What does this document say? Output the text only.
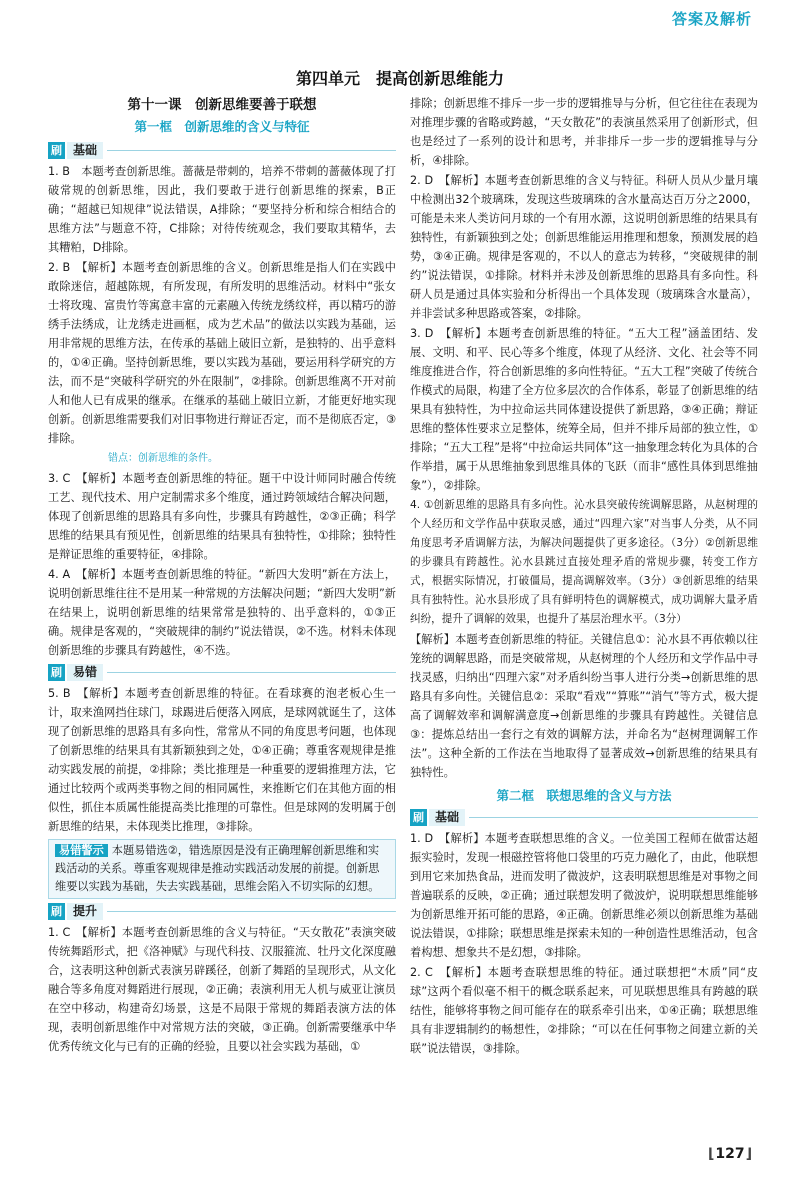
答案及解析
第四单元　提高创新思维能力
第十一课　创新思维要善于联想
第一框　创新思维的含义与特征
刷 基础
1. B　本题考查创新思维。蔷薇是带刺的，培养不带刺的蔷薇体现了打破常规的创新思维，因此，我们要敢于进行创新思维的探索，B正确；“超越已知规律”说法错误，A排除；“要坚持分析和综合相结合的思维方法”与题意不符，C排除；对待传统观念，我们要取其精华，去其糟粕，D排除。
2. B　【解析】本题考查创新思维的含义。创新思维是指人们在实践中敢除迷信，超越陈规，有所发现，有所发明的思维活动。材料中“张女士将玫瑰、富贵竹等寓意丰富的元素融入传统龙绣纹样，再以精巧的游绣手法绣成，让龙绣走进画框，成为艺术品”的做法以实践为基础，运用非常规的思维方法，在传承的基础上破旧立新，是独特的、出乎意料的，①④正确。坚持创新思维，要以实践为基础，要运用科学研究的方法，而不是“突破科学研究的外在限制”，②排除。创新思维离不开对前人和他人已有成果的继承。在继承的基础上破旧立新，才能更好地实现创新。创新思维需要我们对旧事物进行辩证否定，而不是彻底否定，③排除。
错点：创新思维的条件。
3. C　【解析】本题考查创新思维的特征。题干中设计师同时融合传统工艺、现代技术、用户定制需求多个维度，通过跨领域结合解决问题，体现了创新思维的思路具有多向性，步骤具有跨越性，②③正确；科学思维的结果具有预见性，创新思维的结果具有独特性，①排除；独特性是辩证思维的重要特征，④排除。
4. A　【解析】本题考查创新思维的特征。“新四大发明”新在方法上，说明创新思维往往不是用某一种常规的方法解决问题；“新四大发明”新在结果上，说明创新思维的结果常常是独特的、出乎意料的，①③正确。规律是客观的，“突破规律的制约”说法错误，②不选。材料未体现创新思维的步骤具有跨越性，④不选。
刷 易错
5. B　【解析】本题考查创新思维的特征。在看球赛的泡老板心生一计，取来渔网挡住球门，球踢进后便落入网底，是球网就诞生了，这体现了创新思维的思路具有多向性，常常从不同的角度思考问题，也体现了创新思维的结果具有其新颖独到之处，①④正确；尊重客观规律是推动实践发展的前提，②排除；类比推理是一种重要的逻辑推理方法，它通过比较两个或两类事物之间的相同属性，来推断它们在其他方面的相似性，抓住本质属性能提高类比推理的可靠性。但是球网的发明属于创新思维的结果，未体现类比推理，③排除。
易错警示 本题易错选②，错选原因是没有正确理解创新思维和实践活动的关系。尊重客观规律是推动实践活动发展的前提。创新思维要以实践为基础，失去实践基础，思维会陷入不切实际的幻想。
刷 提升
1. C　【解析】本题考查创新思维的含义与特征。“天女散花”表演突破传统舞蹈形式，把《洛神赋》与现代科技、汉服箍流、牡丹文化深度融合，这表明这种创新式表演另辟蹊径，创新了舞蹈的呈现形式，从文化融合等多角度对舞蹈进行展现，②正确；表演利用无人机与威亚让演员在空中移动，构建奇幻场景，这是不局限于常规的舞蹈表演方法的体现，表明创新思维作中对常规方法的突破，③正确。创新需要继承中华优秀传统文化与已有的正确的经验，且要以社会实践为基础，①
排除；创新思维不排斥一步一步的逻辑推导与分析，但它往往在表现为对推理步骤的省略或跨越，“天女散花”的表演虽然采用了创新形式，但也是经过了一系列的设计和思考，并非排斥一步一步的逻辑推导与分析，④排除。
2. D　【解析】本题考查创新思维的含义与特征。科研人员从少量月壤中检测出32个玻璃珠，发现这些玻璃珠的含水量高达百万分之2000，可能是未来人类访问月球的一个有用水源，这说明创新思维的结果具有独特性，有新颖独到之处；创新思维能运用推理和想象，预测发展的趋势，③④正确。规律是客观的，不以人的意志为转移，“突破规律的制约”说法错误，①排除。材料并未涉及创新思维的思路具有多向性。科研人员是通过具体实验和分析得出一个具体发现（玻璃珠含水量高），并非尝试多种思路或答案，②排除。
3. D　【解析】本题考查创新思维的特征。“五大工程”涵盖团结、发展、文明、和平、民心等多个维度，体现了从经济、文化、社会等不同维度推进合作，符合创新思维的多向性特征。“五大工程”突破了传统合作模式的局限，构建了全方位多层次的合作体系，彰显了创新思维的结果具有独特性，为中拉命运共同体建设提供了新思路，③④正确；辩证思维的整体性要求立足整体，统筹全局，但并不排斥局部的独立性，①排除；“五大工程”是将“中拉命运共同体”这一抽象理念转化为具体的合作举措，属于从思维抽象到思维具体的飞跃（而非“感性具体到思维抽象”），②排除。
4. ①创新思维的思路具有多向性。沁水县突破传统调解思路，从赵树理的个人经历和文学作品中获取灵感，通过“四理六家”对当事人分类，从不同角度思考矛盾调解方法，为解决问题提供了更多途径。（3分）②创新思维的步骤具有跨越性。沁水县跳过直接处理矛盾的常规步骤，转变工作方式，根据实际情况，打破僵局，提高调解效率。（3分）③创新思维的结果具有独特性。沁水县形成了具有鲜明特色的调解模式，成功调解大量矛盾纠纷，提升了调解的效果，也提升了基层治理水平。（3分）
【解析】本题考查创新思维的特征。关键信息①：沁水县不再依赖以往笼统的调解思路，而是突破常规，从赵树理的个人经历和文学作品中寻找灵感，归纳出“四理六家”对矛盾纠纷当事人进行分类→创新思维的思路具有多向性。关键信息②：采取“看戏”“算账”“消气”等方式，极大提高了调解效率和调解满意度→创新思维的步骤具有跨越性。关键信息③：提炼总结出一套行之有效的调解方法，并命名为“赵树理调解工作法”。这种全新的工作法在当地取得了显著成效→创新思维的结果具有独特性。
第二框　联想思维的含义与方法
刷 基础
1. D　【解析】本题考查联想思维的含义。一位美国工程师在做雷达超振实验时，发现一根磁控管将他口袋里的巧克力融化了，由此，他联想到用它来加热食品，进而发明了微波炉，这表明联想思维是对事物之间普遍联系的反映，②正确；通过联想发明了微波炉，说明联想思维能够为创新思维开拓可能的思路，④正确。创新思维必须以创新思维为基础说法错误，①排除；联想思维是探索未知的一种创造性思维活动，包含着构想、想象共不是幻想，③排除。
2. C　【解析】本题考查联想思维的特征。通过联想把“木质”同“皮球”这两个看似毫不相干的概念联系起来，可见联想思维具有跨越的联结性，能够将事物之间可能存在的联系牵引出来，①④正确；联想思维具有非逻辑制约的畅想性，②排除；“可以在任何事物之间建立新的关联”说法错误，③排除。
⌊ 127 ⌋
